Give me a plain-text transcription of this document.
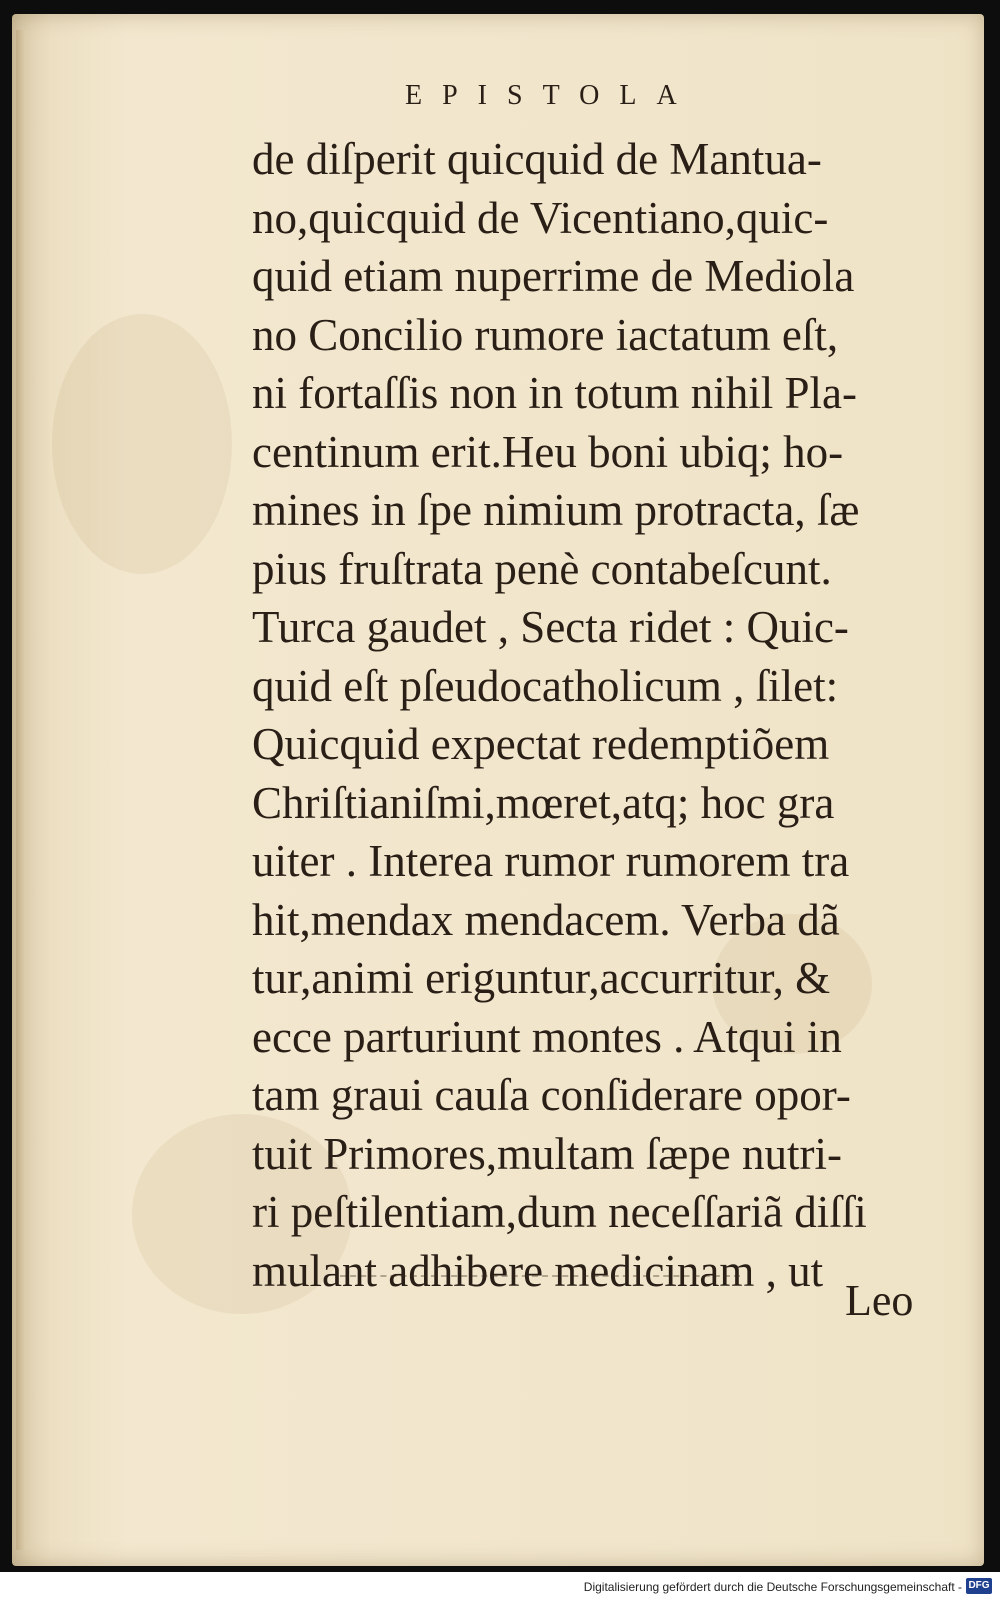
EPISTOLA
de diſperit quicquid de Mantua-
no,quicquid de Vicentiano,quic-
quid etiam nuperrime de Mediola
no Concilio rumore iactatum eſt,
ni fortaſſis non in totum nihil Pla-
centinum erit.Heu boni ubiq; ho-
mines in ſpe nimium protracta, ſæ
pius fruſtrata penè contabeſcunt.
Turca gaudet , Secta ridet : Quic-
quid eſt pſeudocatholicum , ſilet:
Quicquid expectat redemptiõem
Chriſtianiſmi,mœret,atq; hoc gra
uiter . Interea rumor rumorem tra
hit,mendax mendacem. Verba dã
tur,animi eriguntur,accurritur, &
ecce parturiunt montes . Atqui in
tam graui cauſa conſiderare opor-
tuit Primores,multam ſæpe nutri-
ri peſtilentiam,dum neceſſariã diſſi
mulant adhibere medicinam , ut
Leo
Digitalisierung gefördert durch die Deutsche Forschungsgemeinschaft - DFG
